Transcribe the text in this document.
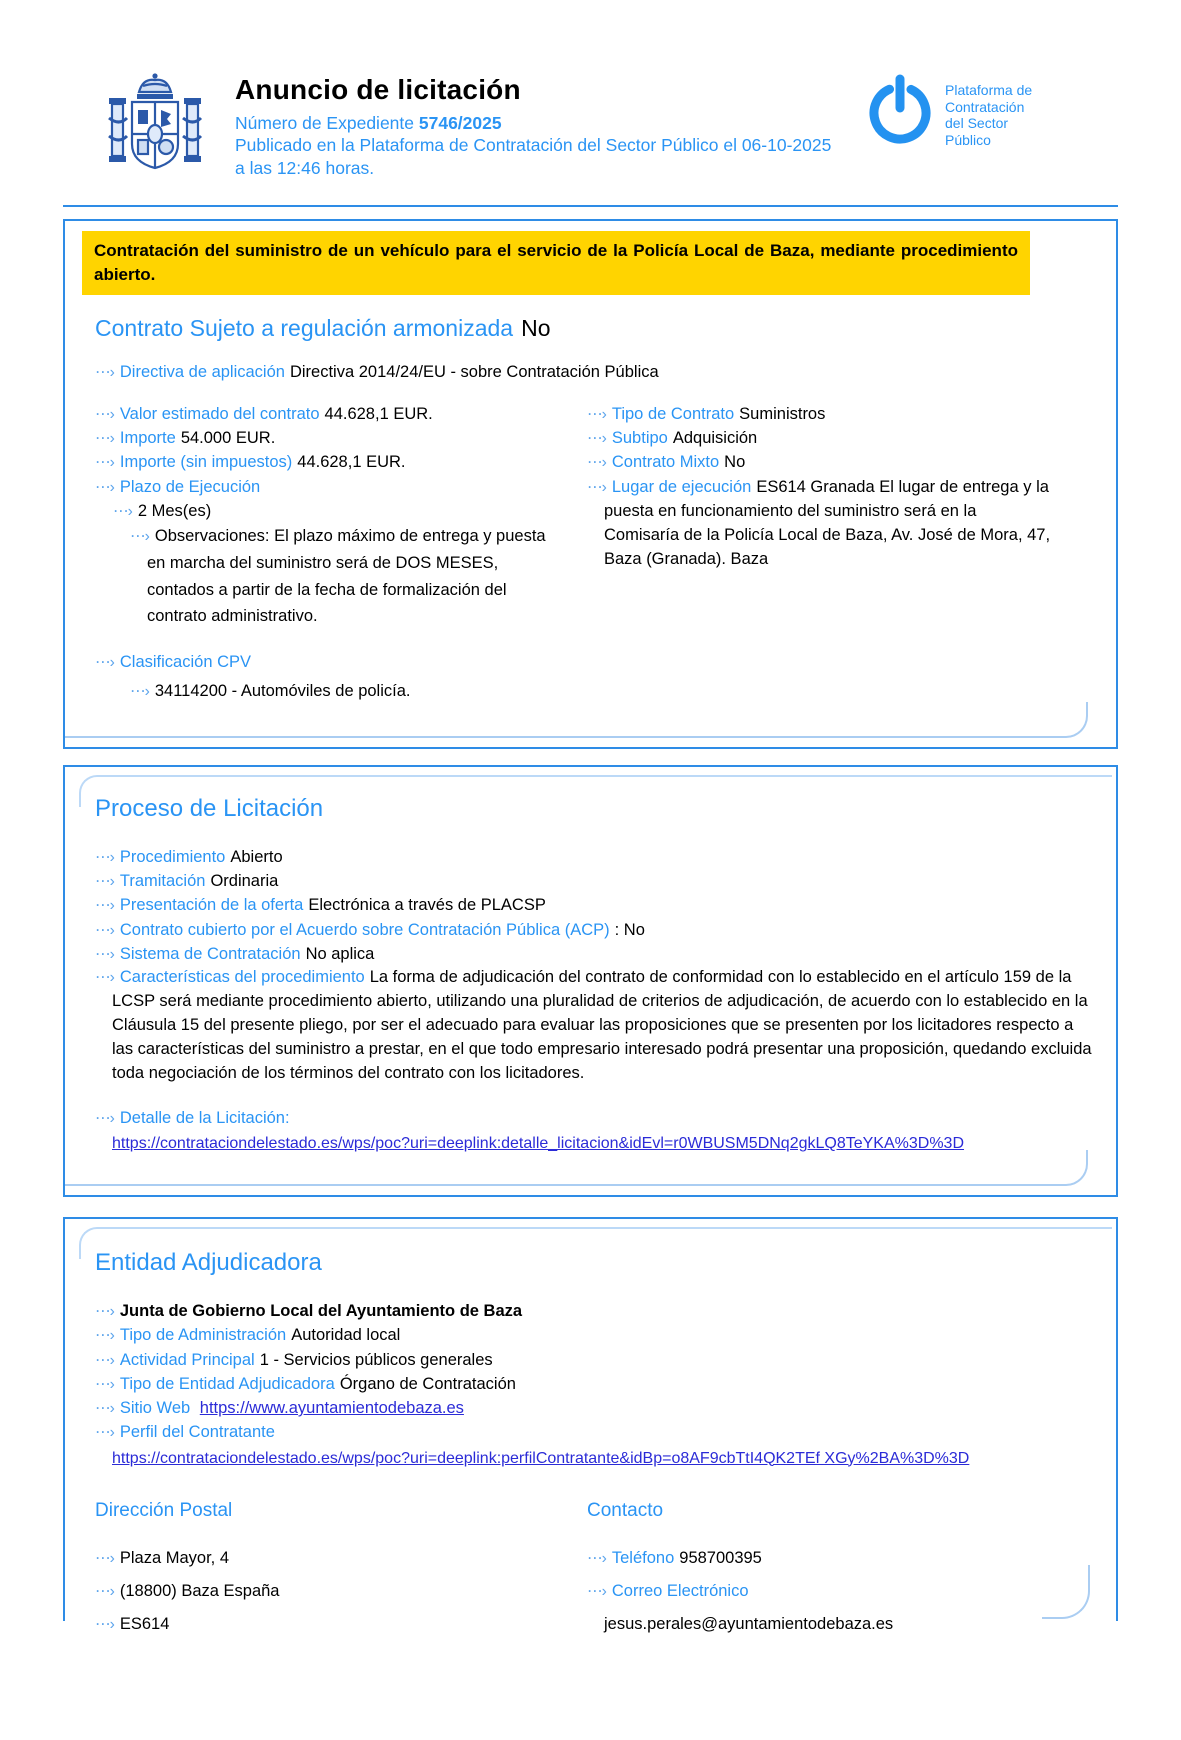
Anuncio de licitación

Número de Expediente 5746/2025

Publicado en la Plataforma de Contratación del Sector Público el 06-10-2025

a las 12:46 horas.

Plataforma de
Contratación
del Sector
Público
Contratación del suministro de un vehículo para el servicio de la Policía Local de Baza, mediante procedimiento abierto.
Contrato Sujeto a regulación armonizada No
⋯› Directiva de aplicación Directiva 2014/24/EU - sobre Contratación Pública
⋯› Valor estimado del contrato 44.628,1 EUR.
⋯› Importe 54.000 EUR.
⋯› Importe (sin impuestos) 44.628,1 EUR.
⋯› Plazo de Ejecución
⋯› 2 Mes(es)
⋯› Observaciones: El plazo máximo de entrega y puesta en marcha del suministro será de DOS MESES, contados a partir de la fecha de formalización del contrato administrativo.
⋯› Tipo de Contrato Suministros
⋯› Subtipo Adquisición
⋯› Contrato Mixto No
⋯› Lugar de ejecución ES614 Granada El lugar de entrega y la puesta en funcionamiento del suministro será en la Comisaría de la Policía Local de Baza, Av. José de Mora, 47, Baza (Granada). Baza
⋯› Clasificación CPV
⋯› 34114200 - Automóviles de policía.
Proceso de Licitación
⋯› Procedimiento Abierto
⋯› Tramitación Ordinaria
⋯› Presentación de la oferta Electrónica a través de PLACSP
⋯› Contrato cubierto por el Acuerdo sobre Contratación Pública (ACP) : No
⋯› Sistema de Contratación No aplica
⋯› Características del procedimiento La forma de adjudicación del contrato de conformidad con lo establecido en el artículo 159 de la LCSP será mediante procedimiento abierto, utilizando una pluralidad de criterios de adjudicación, de acuerdo con lo establecido en la Cláusula 15 del presente pliego, por ser el adecuado para evaluar las proposiciones que se presenten por los licitadores respecto a las características del suministro a prestar, en el que todo empresario interesado podrá presentar una proposición, quedando excluida toda negociación de los términos del contrato con los licitadores.
⋯› Detalle de la Licitación:
https://contrataciondelestado.es/wps/poc?uri=deeplink:detalle_licitacion&idEvl=r0WBUSM5DNq2gkLQ8TeYKA%3D%3D
Entidad Adjudicadora
⋯› Junta de Gobierno Local del Ayuntamiento de Baza
⋯› Tipo de Administración Autoridad local
⋯› Actividad Principal 1 - Servicios públicos generales
⋯› Tipo de Entidad Adjudicadora Órgano de Contratación
⋯› Sitio Web https://www.ayuntamientodebaza.es
⋯› Perfil del Contratante
https://contrataciondelestado.es/wps/poc?uri=deeplink:perfilContratante&idBp=o8AF9cbTtI4QK2TEf XGy%2BA%3D%3D
Dirección Postal
⋯› Plaza Mayor, 4
⋯› (18800) Baza España
⋯› ES614
Contacto
⋯› Teléfono 958700395
⋯› Correo Electrónico
jesus.perales@ayuntamientodebaza.es
